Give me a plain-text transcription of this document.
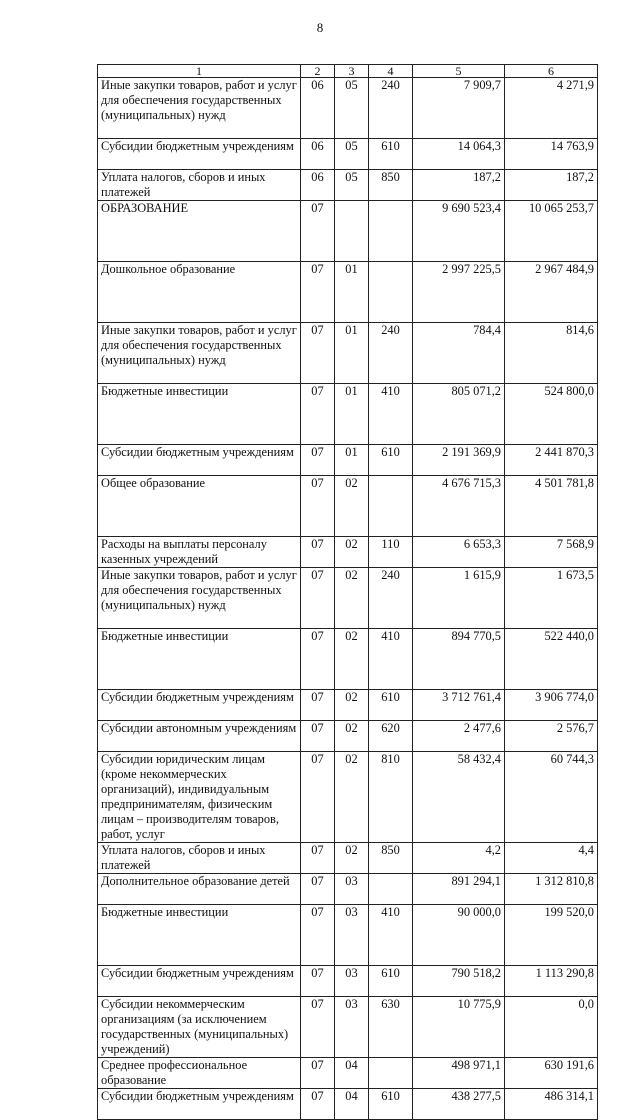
8
1	2	3	4	5	6
Иные закупки товаров, работ и услуг для обеспечения государственных (муниципальных) нужд	06	05	240	7 909,7	4 271,9
Субсидии бюджетным учреждениям	06	05	610	14 064,3	14 763,9
Уплата налогов, сборов и иных платежей	06	05	850	187,2	187,2
ОБРАЗОВАНИЕ	07			9 690 523,4	10 065 253,7
Дошкольное образование	07	01		2 997 225,5	2 967 484,9
Иные закупки товаров, работ и услуг для обеспечения государственных (муниципальных) нужд	07	01	240	784,4	814,6
Бюджетные инвестиции	07	01	410	805 071,2	524 800,0
Субсидии бюджетным учреждениям	07	01	610	2 191 369,9	2 441 870,3
Общее образование	07	02		4 676 715,3	4 501 781,8
Расходы на выплаты персоналу казенных учреждений	07	02	110	6 653,3	7 568,9
Иные закупки товаров, работ и услуг для обеспечения государственных (муниципальных) нужд	07	02	240	1 615,9	1 673,5
Бюджетные инвестиции	07	02	410	894 770,5	522 440,0
Субсидии бюджетным учреждениям	07	02	610	3 712 761,4	3 906 774,0
Субсидии автономным учреждениям	07	02	620	2 477,6	2 576,7
Субсидии юридическим лицам (кроме некоммерческих организаций), индивидуальным предпринимателям, физическим лицам – производителям товаров, работ, услуг	07	02	810	58 432,4	60 744,3
Уплата налогов, сборов и иных платежей	07	02	850	4,2	4,4
Дополнительное образование детей	07	03		891 294,1	1 312 810,8
Бюджетные инвестиции	07	03	410	90 000,0	199 520,0
Субсидии бюджетным учреждениям	07	03	610	790 518,2	1 113 290,8
Субсидии некоммерческим организациям (за исключением государственных (муниципальных) учреждений)	07	03	630	10 775,9	0,0
Среднее профессиональное образование	07	04		498 971,1	630 191,6
Субсидии бюджетным учреждениям	07	04	610	438 277,5	486 314,1
